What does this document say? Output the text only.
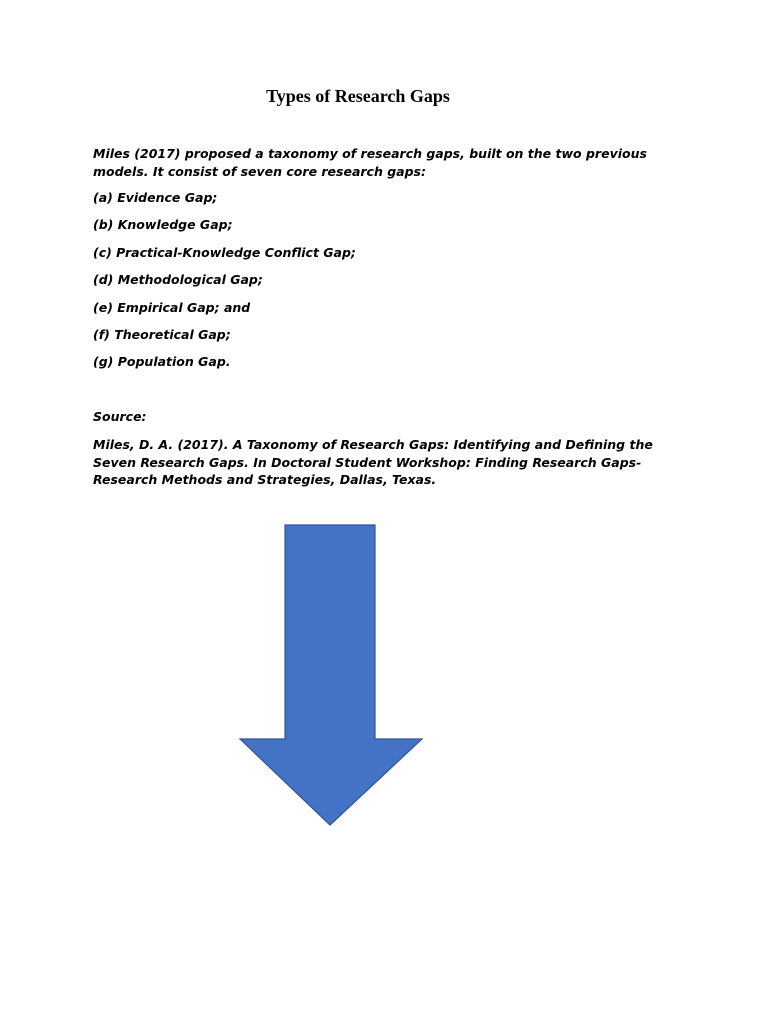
Types of Research Gaps

Miles (2017) proposed a taxonomy of research gaps, built on the two previous models. It consist of seven core research gaps:

(a) Evidence Gap;
(b) Knowledge Gap;
(c) Practical-Knowledge Conflict Gap;
(d) Methodological Gap;
(e) Empirical Gap; and
(f) Theoretical Gap;
(g) Population Gap.

Source:

Miles, D. A. (2017). A Taxonomy of Research Gaps: Identifying and Defining the Seven Research Gaps. In Doctoral Student Workshop: Finding Research Gaps-Research Methods and Strategies, Dallas, Texas.
